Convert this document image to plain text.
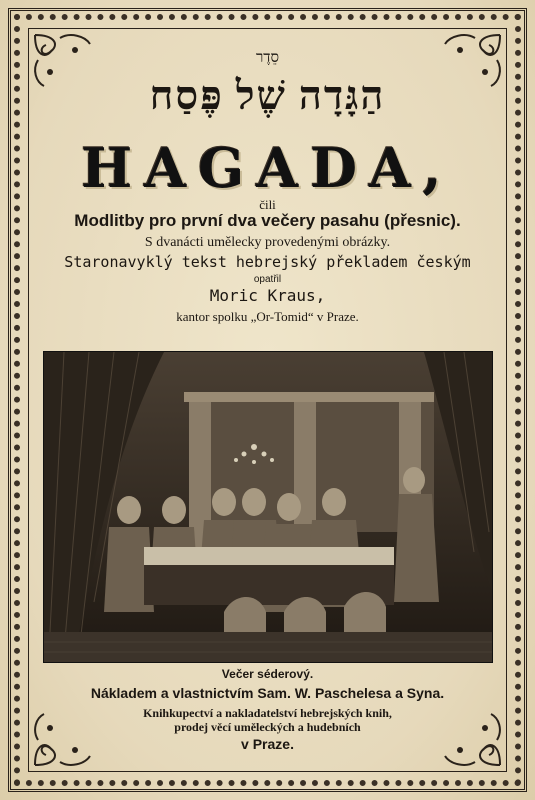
סֵדֶר
הַגָּדָה שֶׁל פֶּסַח
HAGADA,
čili
Modlitby pro první dva večery pasahu (přesnic).
S dvanácti umělecky provedenými obrázky.
Staronavyklý tekst hebrejský překladem českým
opatřil
Moric Kraus,
kantor spolku „Or-Tomid“ v Praze.
Večer séderový.
Nákladem a vlastnictvím Sam. W. Paschelesa a Syna.
Knihkupectví a nakladatelství hebrejských knih,
prodej věcí uměleckých a hudebních
v Praze.
